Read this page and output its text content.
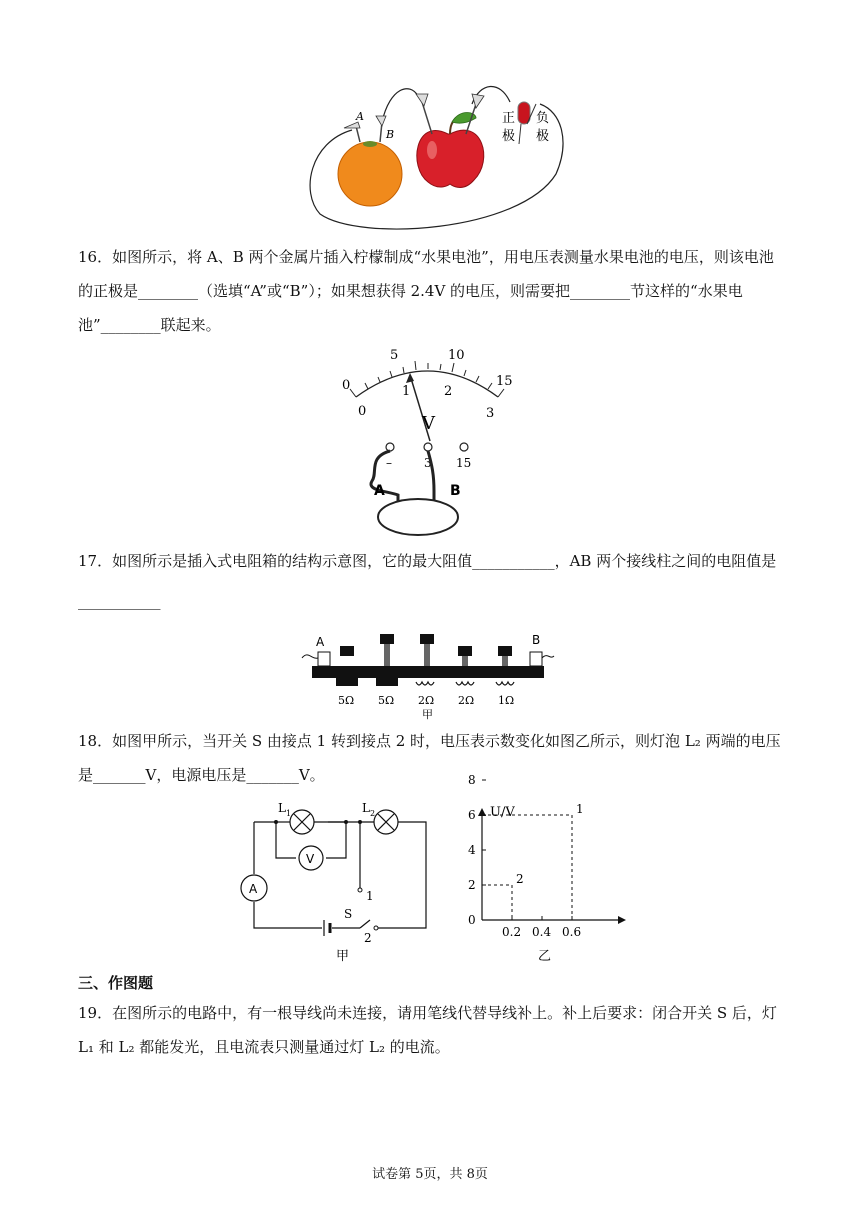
A
B
正
极
负
极
16．如图所示，将 A、B 两个金属片插入柠檬制成“水果电池”，用电压表测量水果电池的电压，则该电池的正极是________（选填“A”或“B”）；如果想获得 2.4V 的电压，则需要把________节这样的“水果电池”________联起来。
0
5	10
15
0
1	2
3
V
–	3 15
A	B
17．如图所示是插入式电阻箱的结构示意图，它的最大阻值___________，AB 两个接线柱之间的电阻值是
___________
A	B
5Ω 5Ω 2Ω 2Ω 1Ω
甲
18．如图甲所示，当开关 S 由接点 1 转到接点 2 时，电压表示数变化如图乙所示，则灯泡 L₂ 两端的电压
是_______V，电源电压是_______V。
V
A
S
1
2
L 1	L 2
甲
U/V
0
2
4
6
8
0.2 0.4 0.6
乙
2
1
三、作图题
19．在图所示的电路中，有一根导线尚未连接，请用笔线代替导线补上。补上后要求：闭合开关 S 后，灯 L₁ 和 L₂ 都能发光，且电流表只测量通过灯 L₂ 的电流。
试卷第 5页，共 8页
